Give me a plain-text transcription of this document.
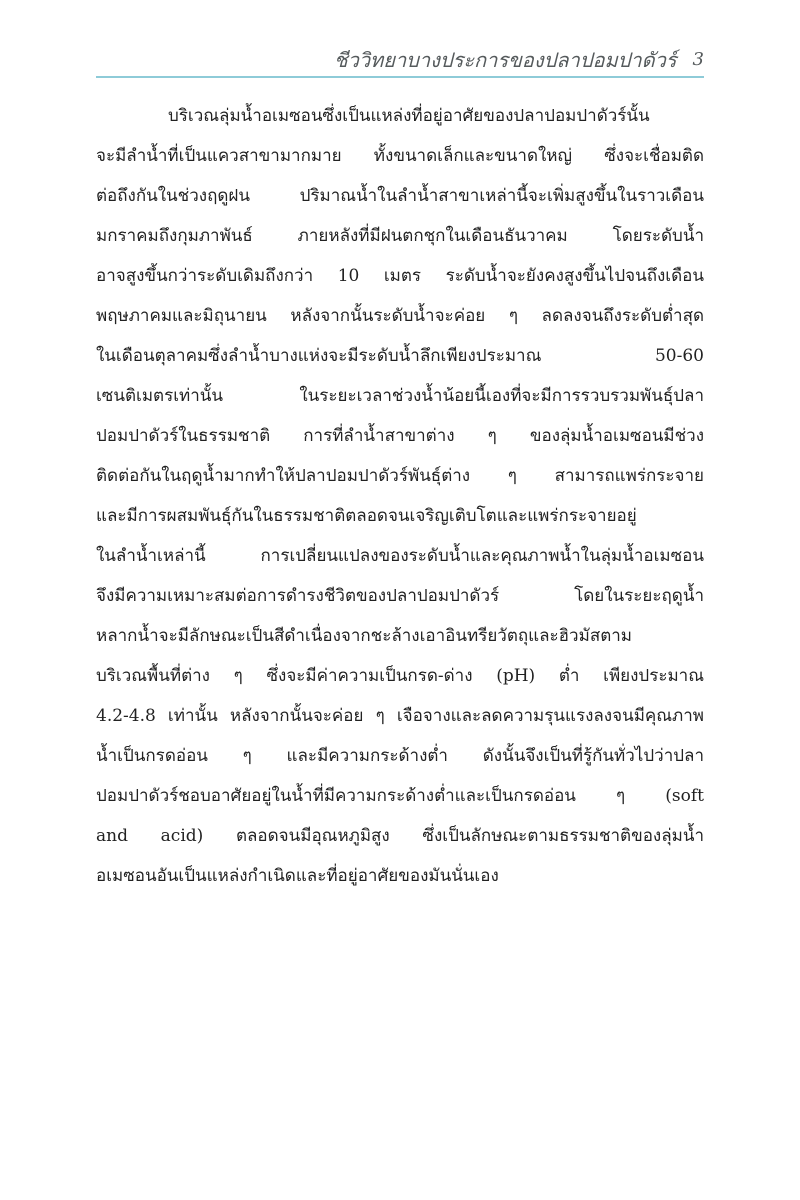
ชีววิทยาบางประการของปลาปอมปาดัวร์ 3
บริเวณลุ่มน้ำอเมซอนซึ่งเป็นแหล่งที่อยู่อาศัยของปลาปอมปาดัวร์นั้น
จะมีลำน้ำที่เป็นแควสาขามากมาย ทั้งขนาดเล็กและขนาดใหญ่ ซึ่งจะเชื่อมติด
ต่อถึงกันในช่วงฤดูฝน ปริมาณน้ำในลำน้ำสาขาเหล่านี้จะเพิ่มสูงขึ้นในราวเดือน
มกราคมถึงกุมภาพันธ์ ภายหลังที่มีฝนตกชุกในเดือนธันวาคม โดยระดับน้ำ
อาจสูงขึ้นกว่าระดับเดิมถึงกว่า 10 เมตร ระดับน้ำจะยังคงสูงขึ้นไปจนถึงเดือน
พฤษภาคมและมิถุนายน หลังจากนั้นระดับน้ำจะค่อย ๆ ลดลงจนถึงระดับต่ำสุด
ในเดือนตุลาคมซึ่งลำน้ำบางแห่งจะมีระดับน้ำลึกเพียงประมาณ 50-60
เซนติเมตรเท่านั้น ในระยะเวลาช่วงน้ำน้อยนี้เองที่จะมีการรวบรวมพันธุ์ปลา
ปอมปาดัวร์ในธรรมชาติ การที่ลำน้ำสาขาต่าง ๆ ของลุ่มน้ำอเมซอนมีช่วง
ติดต่อกันในฤดูน้ำมากทำให้ปลาปอมปาดัวร์พันธุ์ต่าง ๆ สามารถแพร่กระจาย
และมีการผสมพันธุ์กันในธรรมชาติตลอดจนเจริญเติบโตและแพร่กระจายอยู่
ในลำน้ำเหล่านี้ การเปลี่ยนแปลงของระดับน้ำและคุณภาพน้ำในลุ่มน้ำอเมซอน
จึงมีความเหมาะสมต่อการดำรงชีวิตของปลาปอมปาดัวร์ โดยในระยะฤดูน้ำ
หลากน้ำจะมีลักษณะเป็นสีดำเนื่องจากชะล้างเอาอินทรียวัตถุและฮิวมัสตาม
บริเวณพื้นที่ต่าง ๆ ซึ่งจะมีค่าความเป็นกรด-ด่าง (pH) ต่ำ เพียงประมาณ
4.2-4.8 เท่านั้น หลังจากนั้นจะค่อย ๆ เจือจางและลดความรุนแรงลงจนมีคุณภาพ
น้ำเป็นกรดอ่อน ๆ และมีความกระด้างต่ำ ดังนั้นจึงเป็นที่รู้กันทั่วไปว่าปลา
ปอมปาดัวร์ชอบอาศัยอยู่ในน้ำที่มีความกระด้างต่ำและเป็นกรดอ่อน ๆ (soft
and acid) ตลอดจนมีอุณหภูมิสูง ซึ่งเป็นลักษณะตามธรรมชาติของลุ่มน้ำ
อเมซอนอันเป็นแหล่งกำเนิดและที่อยู่อาศัยของมันนั่นเอง
